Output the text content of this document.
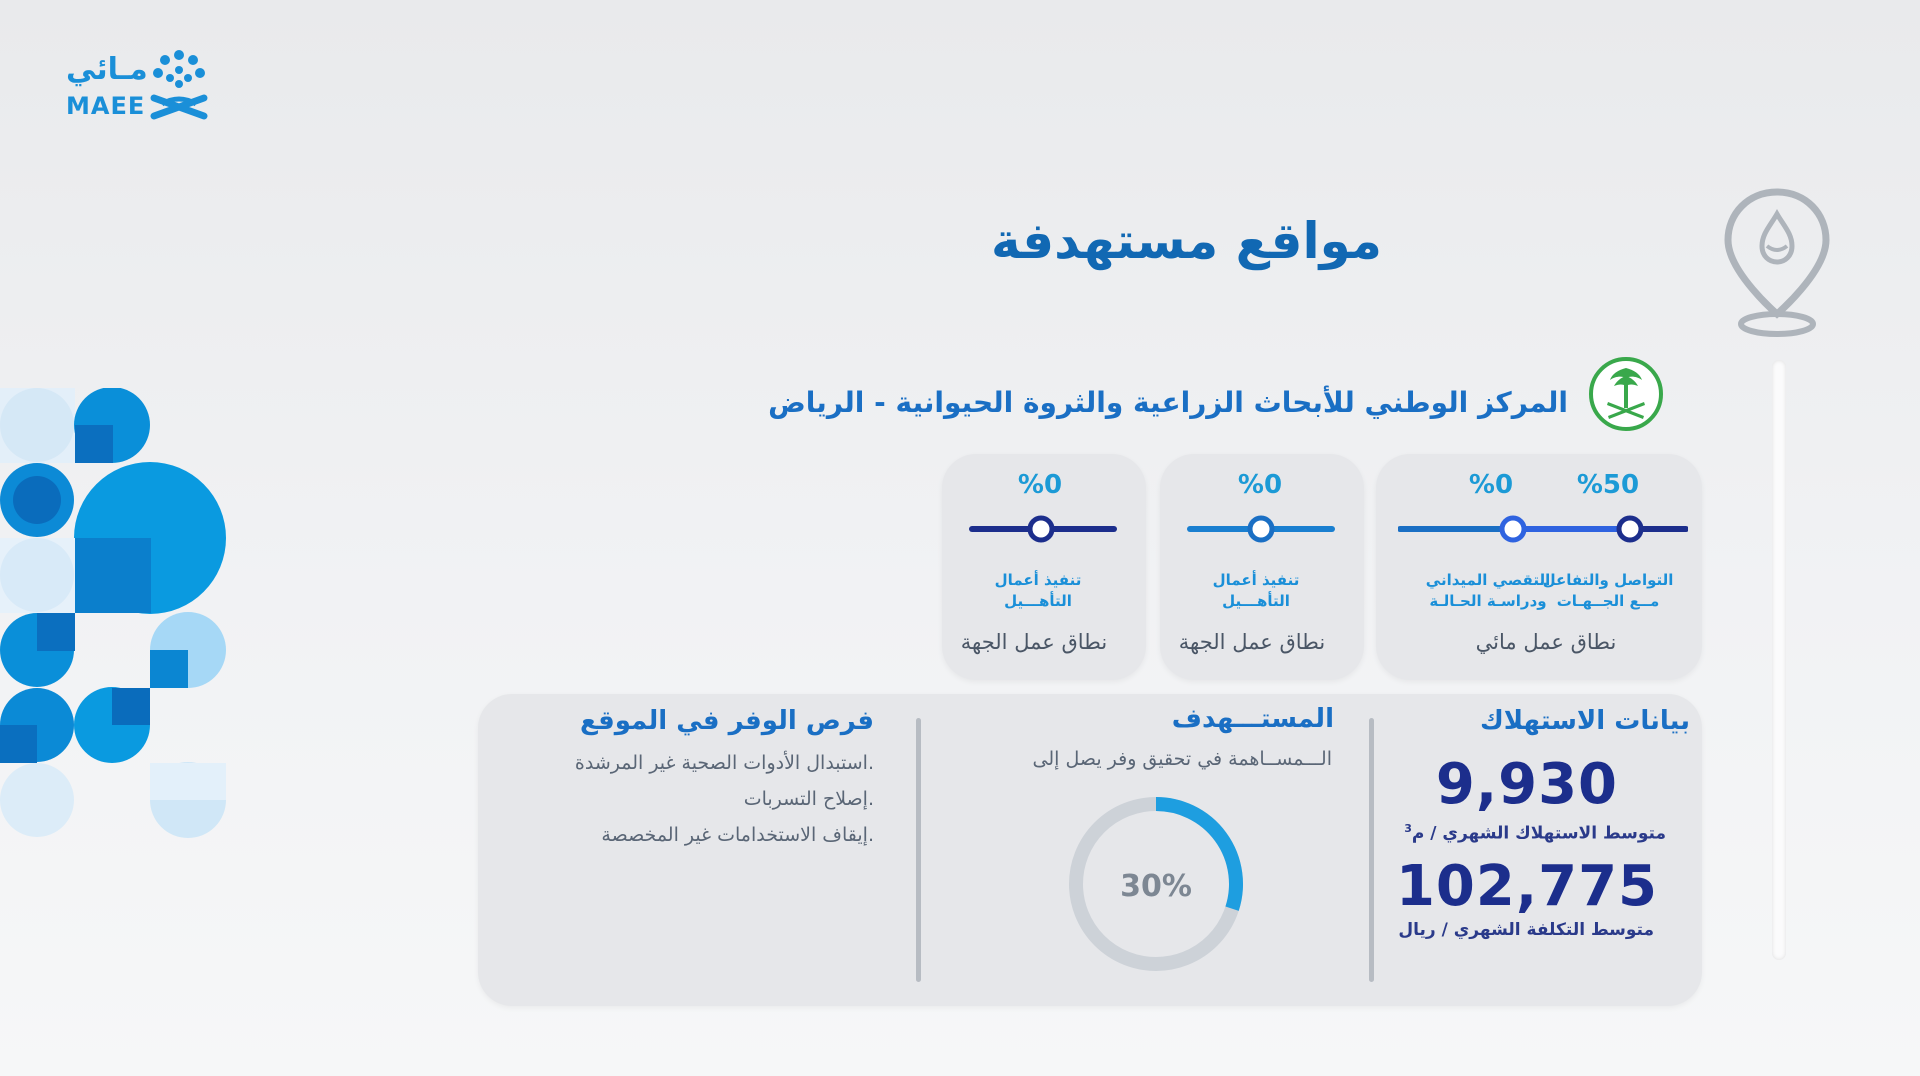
مـائي
MAEE
مواقع مستهدفة
المركز الوطني للأبحاث الزراعية والثروة الحيوانية - الرياض
%50
%0
التواصل والتفاعل
مــع الجــهـات
التقصي الميداني
ودراسـة الحـالـة
نطاق عمل مائي
%0
تنفيذ أعمال
التأهـــيل
نطاق عمل الجهة
%0
تنفيذ أعمال
التأهـــيل
نطاق عمل الجهة
بيانات الاستهلاك
9,930
متوسط الاستهلاك الشهري / م$^3$
102,775
متوسط التكلفة الشهري / ريال
المستـــهدف
الـــمســاهمة في تحقيق وفر يصل إلى
30%
فرص الوفر في الموقع
.استبدال الأدوات الصحية غير المرشدة
.إصلاح التسربات
.إيقاف الاستخدامات غير المخصصة
